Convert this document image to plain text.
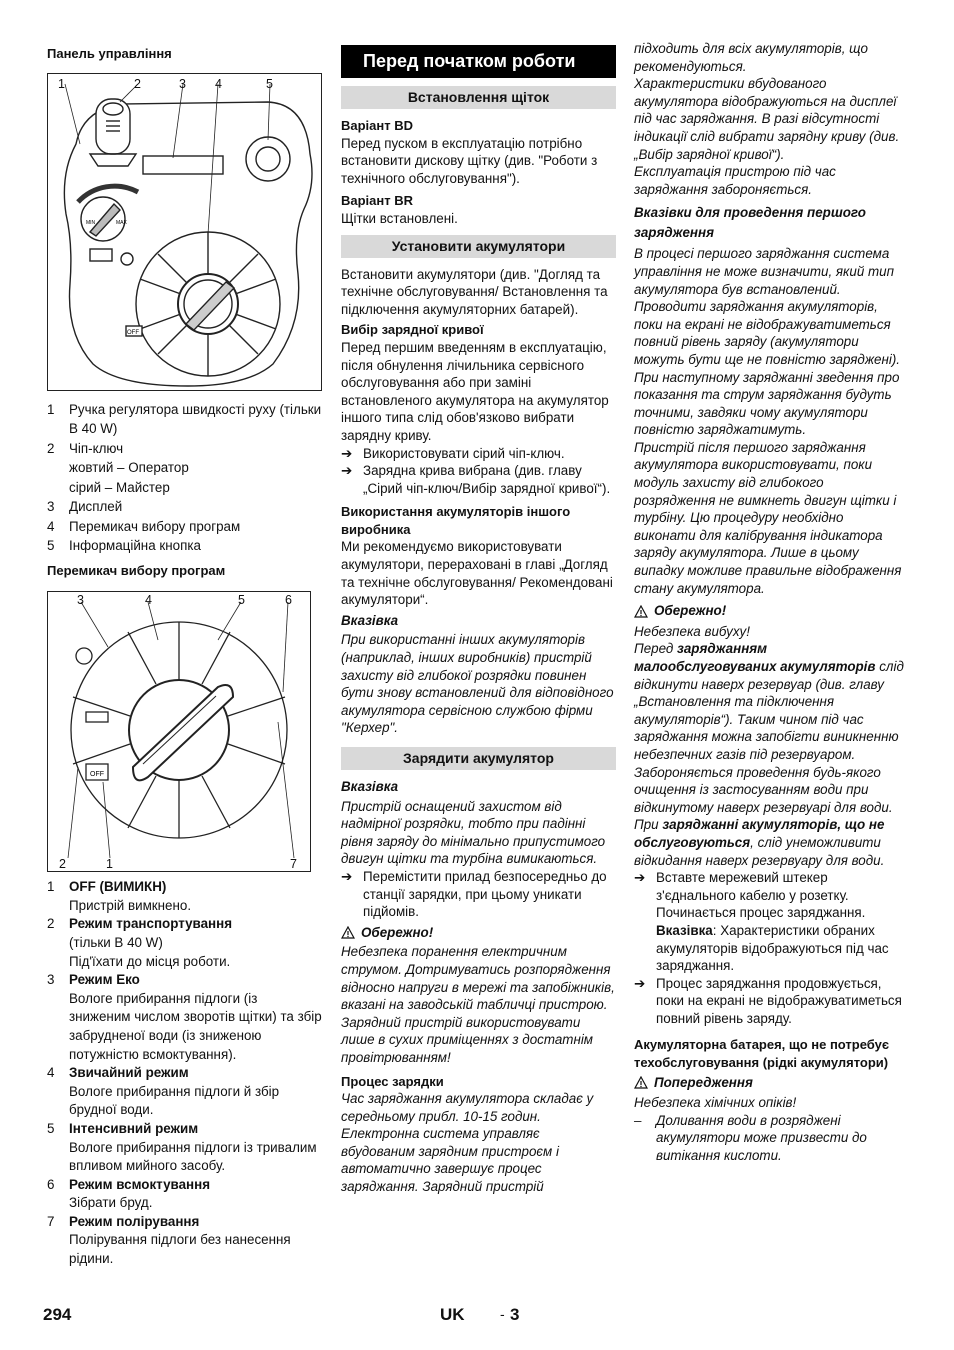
Панель управління

MIN	MAX
OFF
1	2	3 4	5
1	Ручка регулятора швидкості руху (тільки В 40 W)
2	Чіп-ключ
жовтий – Оператор
сірий – Майстер
3	Дисплей
4	Перемикач вибору програм
5	Інформаційна кнопка

Перемикач вибору програм

OFF
3	4	5	6
2	1	7
1	OFF (ВИМИКН)
Пристрій вимкнено.
2	Режим транспортування
(тільки В 40 W)
Під'їхати до місця роботи.
3	Режим Еко
Вологе прибирання підлоги (із зниженим числом зворотів щітки) та збір забрудненої води (із зниженою потужністю всмоктування).
4	Звичайний режим
Вологе прибирання підлоги й збір брудної води.
5	Інтенсивний режим
Вологе прибирання підлоги із тривалим впливом мийного засобу.
6	Режим всмоктування
Зібрати бруд.
7	Режим полірування
Полірування підлоги без нанесення рідини.
Перед початком роботи
Встановлення щіток

Варіант BD

Перед пуском в експлуатацію потрібно встановити дискову щітку (див. "Роботи з технічного обслуговування").

Варіант BR

Щітки встановлені.

Установити акумулятори

Встановити акумулятори (див. "Догляд та технічне обслуговування/ Встановлення та підключення акумуляторних батарей).

Вибір зарядної кривої

Перед першим введенням в експлуатацію, після обнулення лічильника сервісного обслуговування або при заміні встановленого акумулятора на акумулятор іншого типа слід обов'язково вибрати зарядну криву.

➔ Використовувати сірий чіп-ключ.
➔ Зарядна крива вибрана (див. главу „Сірий чіп-ключ/Вибір зарядної кривої“).

Використання акумуляторів іншого виробника

Ми рекомендуємо використовувати акумулятори, перераховані в главі „Догляд та технічне обслуговування/ Рекомендовані акумулятори“.

Вказівка

При використанні інших акумуляторів (наприклад, інших виробників) пристрій захисту від глибокої розрядки повинен бути знову встановлений для відповідного акумулятора сервісною службою фірми "Керхер".

Зарядити акумулятор

Вказівка

Пристрій оснащений захистом від надмірної розрядки, тобто при падінні рівня заряду до мінімально припустимого двигун щітки та турбіна вимикаються.

➔ Перемістити прилад безпосередньо до станції зарядки, при цьому уникати підйомів.
Обережно!

Небезпека поранення електричним струмом. Дотримуватись розпорядження відносно напруги в мережі та запобіжників, вказані на заводській табличці пристрою. Зарядний пристрій використовувати лише в сухих приміщеннях з достатнім провітрюванням!

Процес зарядки

Час заряджання акумулятора складає у середньому прибл. 10-15 годин. Електронна система управляє вбудованим зарядним пристроєм і автоматично завершує процес заряджання. Зарядний пристрій

підходить для всіх акумуляторів, що рекомендуються.

Характеристики вбудованого акумулятора відображуються на дисплеї під час заряджання. В разі відсутності індикації слід вибрати зарядну криву (див. „Вибір зарядної кривої“).

Експлуатація пристрою під час заряджання забороняється.

Вказівки для проведення першого зарядження

В процесі першого заряджання система управління не може визначити, який тип акумулятора був встановлений. Проводити заряджання акумуляторів, поки на екрані не відображуватиметься повний рівень заряду (акумулятори можуть бути ще не повністю заряджені). При наступному заряджанні зведення про показання та струм заряджання будуть точними, завдяки чому акумулятори повністю заряджатимуть.

Пристрій після першого заряджання акумулятора використовувати, поки модуль захисту від глибокого розрядження не вимкнеть двигун щітки і турбіну. Цю процедуру необхідно виконати для калібрування індикатора заряду акумулятора. Лише в цьому випадку можливе правильне відображення стану акумулятора.

Обережно!

Небезпека вибуху!

Перед заряджанням малообслуговуваних акумуляторів слід відкинути наверх резервуар (див. главу „Встановлення та підключення акумуляторів“). Таким чином під час заряджання можна запобігти виникненню небезпечних газів під резервуаром.

Забороняється проведення будь-якого очищення із застосуванням води при відкинутому наверх резервуарі для води.

При заряджанні акумуляторів, що не обслуговуються, слід унеможливити відкидання наверх резервуару для води.

➔ Вставте мережевий штекер з'єднального кабелю у розетку. Починається процес заряджання.
Вказівка: Характеристики обраних акумуляторів відображуються під час заряджання.
➔ Процес заряджання продовжується, поки на екрані не відображуватиметься повний рівень заряду.

Акумуляторна батарея, що не потребує техобслуговування (рідкі акумулятори)

Попередження

Небезпека хімічних опіків!

–	Доливання води в розряджені акумулятори може призвести до витікання кислоти.
294	UK	- 3
